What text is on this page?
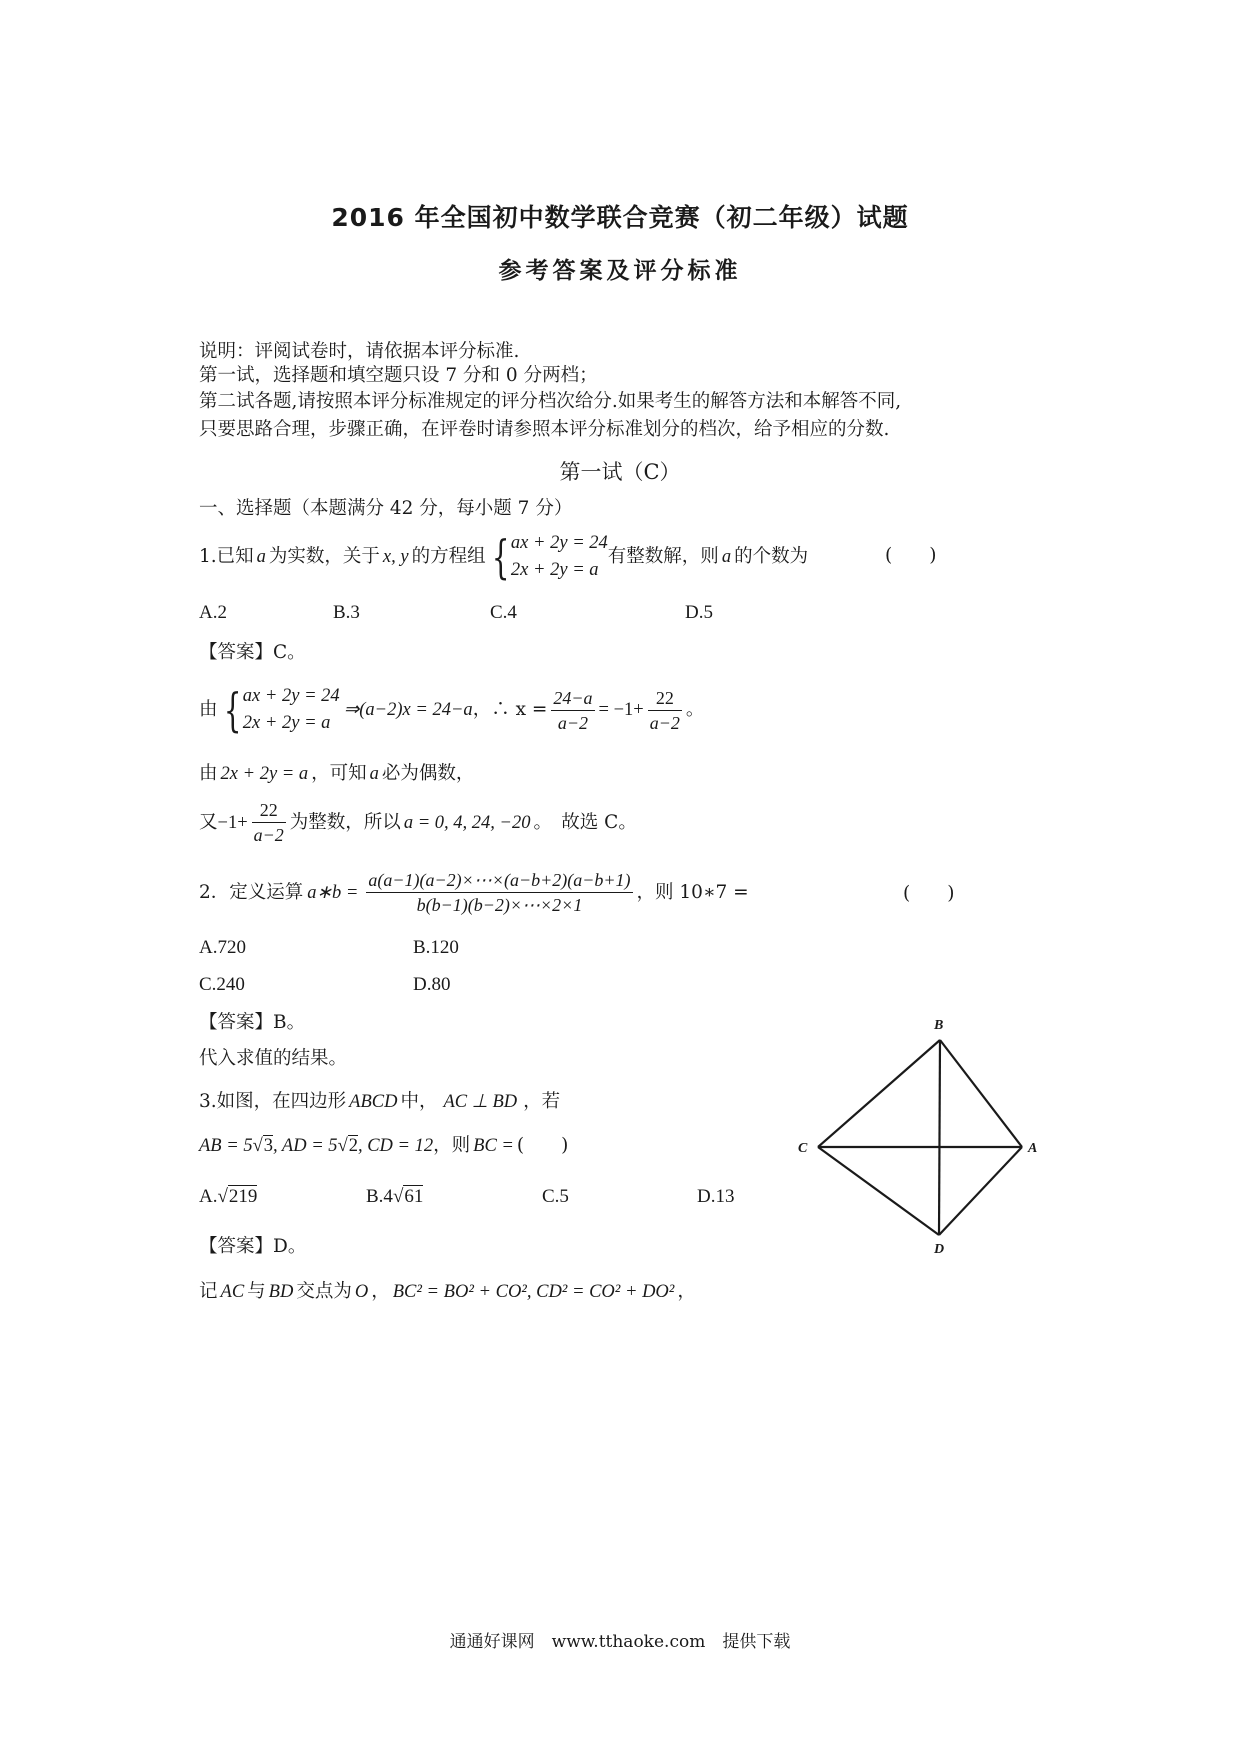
2016 年全国初中数学联合竞赛（初二年级）试题
参考答案及评分标准
说明：评阅试卷时，请依据本评分标准.
第一试，选择题和填空题只设 7 分和 0 分两档；
第二试各题,请按照本评分标准规定的评分档次给分.如果考生的解答方法和本解答不同,
只要思路合理，步骤正确，在评卷时请参照本评分标准划分的档次，给予相应的分数.
第一试（C）
一、选择题（本题满分 42 分，每小题 7 分）
1.已知 a 为实数，关于 x, y 的方程组 { ax + 2y = 24
2x + 2y = a
有整数解，则 a 的个数为	(　　)
A.2	B.3	C.4	D.5
【答案】C。
由 { ax + 2y = 24
2x + 2y = a
⇒(a−2)x = 24−a ，∴ $x = \frac{24-a}{a-2} = -1+ \frac{22}{a-2}$ 。
由 2x + 2y = a ，可知 a 必为偶数，
又 $-1+ \frac{22}{a-2}$ 为整数，所以 a = 0, 4, 24, −20 。　故选 C。
2．定义运算 a∗b = $\frac{a(a-1)(a-2)\times\cdots\times(a-b+2)(a-b+1)}{b(b-1)(b-2)\times\cdots\times 2\times 1}$ ，则 10∗7 =	(　　)
A.720	B.120
C.240	D.80
【答案】B。
代入求值的结果。
3.如图，在四边形 ABCD 中， AC ⊥ BD ，若
AB = 5√3, AD = 5√2, CD = 12，则 BC = (　　)
A.√219	B.4√61	C.5	D.13
【答案】D。
记 AC 与 BD 交点为 O ， BC² = BO² + CO², CD² = CO² + DO² ，
B
C	A
D
通通好课网　www.tthaoke.com　提供下载
